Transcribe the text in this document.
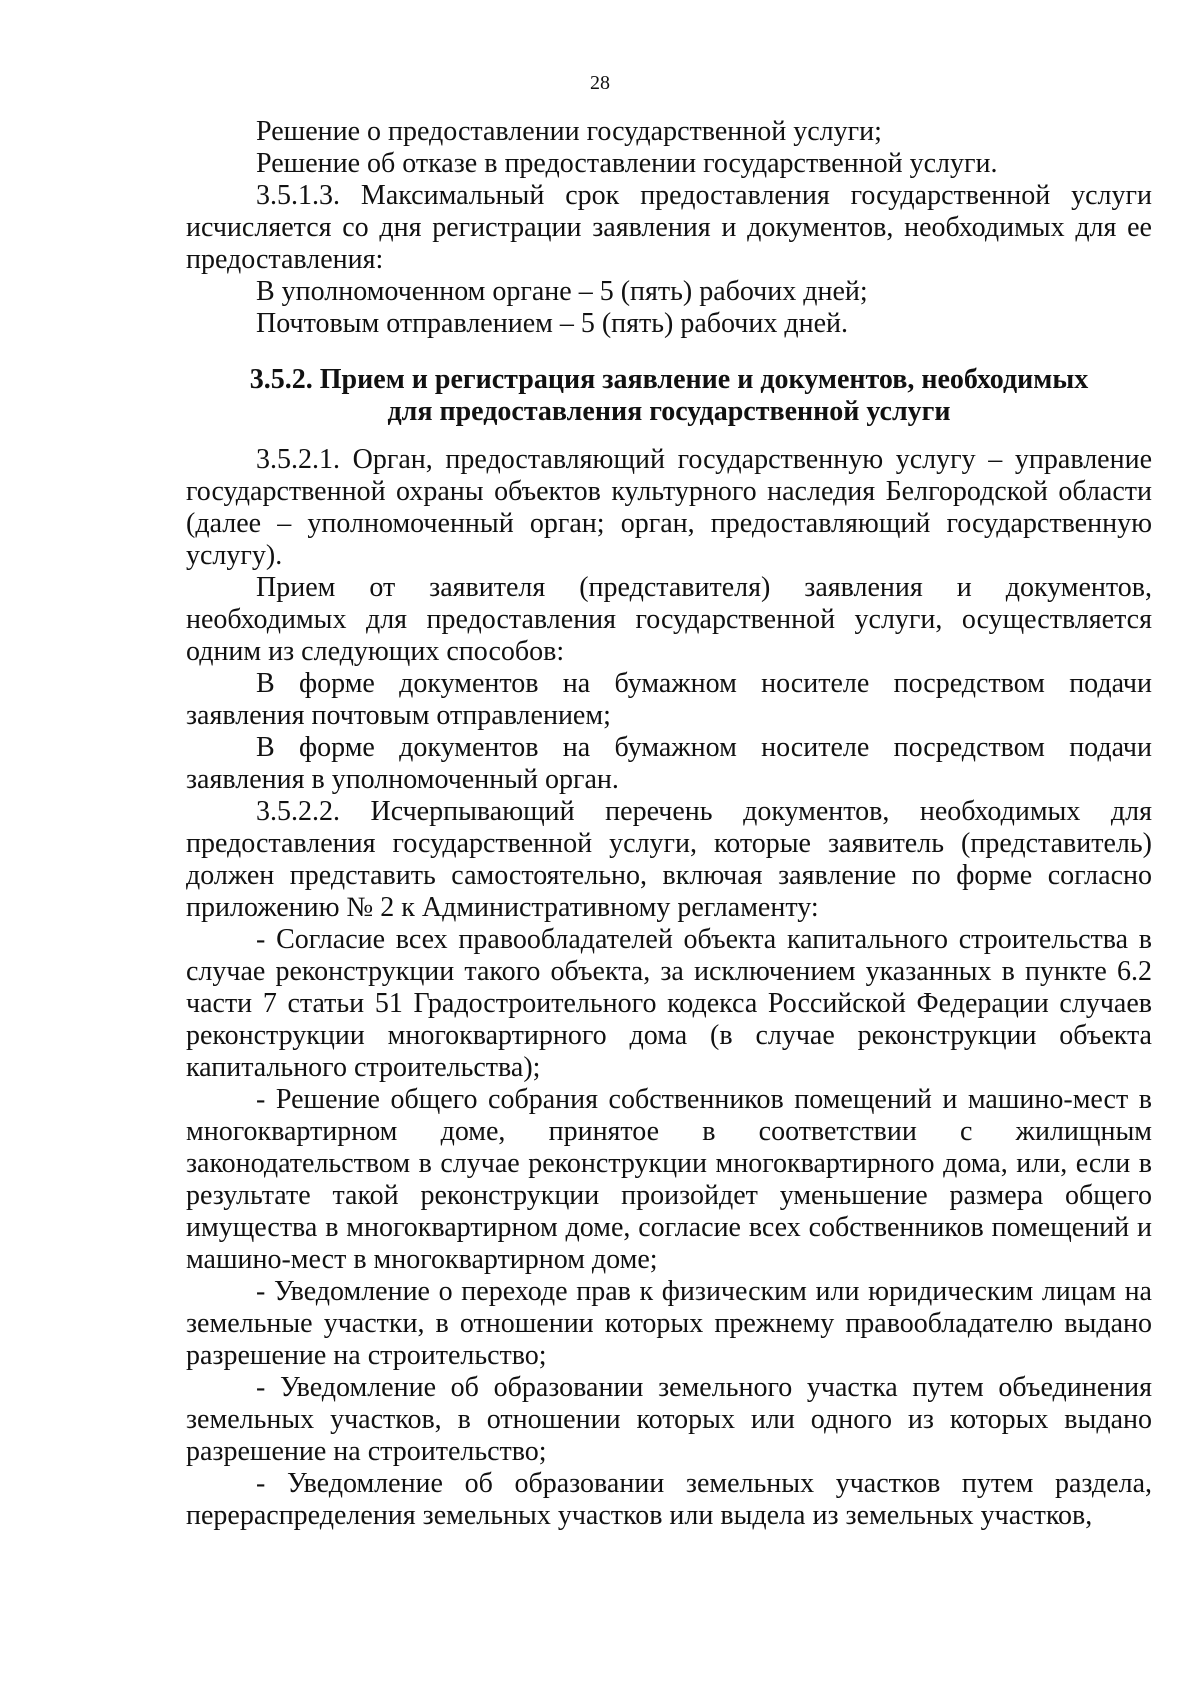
28

Решение о предоставлении государственной услуги;

Решение об отказе в предоставлении государственной услуги.

3.5.1.3. Максимальный срок предоставления государственной услуги исчисляется со дня регистрации заявления и документов, необходимых для ее предоставления:

В уполномоченном органе – 5 (пять) рабочих дней;

Почтовым отправлением – 5 (пять) рабочих дней.

3.5.2. Прием и регистрация заявление и документов, необходимых
для предоставления государственной услуги

3.5.2.1. Орган, предоставляющий государственную услугу – управление государственной охраны объектов культурного наследия Белгородской области (далее – уполномоченный орган; орган, предоставляющий государственную услугу).

Прием от заявителя (представителя) заявления и документов, необходимых для предоставления государственной услуги, осуществляется одним из следующих способов:

В форме документов на бумажном носителе посредством подачи заявления почтовым отправлением;

В форме документов на бумажном носителе посредством подачи заявления в уполномоченный орган.

3.5.2.2. Исчерпывающий перечень документов, необходимых для предоставления государственной услуги, которые заявитель (представитель) должен представить самостоятельно, включая заявление по форме согласно приложению № 2 к Административному регламенту:

- Согласие всех правообладателей объекта капитального строительства в случае реконструкции такого объекта, за исключением указанных в пункте 6.2 части 7 статьи 51 Градостроительного кодекса Российской Федерации случаев реконструкции многоквартирного дома (в случае реконструкции объекта капитального строительства);

- Решение общего собрания собственников помещений и машино-мест в многоквартирном доме, принятое в соответствии с жилищным законодательством в случае реконструкции многоквартирного дома, или, если в результате такой реконструкции произойдет уменьшение размера общего имущества в многоквартирном доме, согласие всех собственников помещений и машино-мест в многоквартирном доме;

- Уведомление о переходе прав к физическим или юридическим лицам на земельные участки, в отношении которых прежнему правообладателю выдано разрешение на строительство;

- Уведомление об образовании земельного участка путем объединения земельных участков, в отношении которых или одного из которых выдано разрешение на строительство;

- Уведомление об образовании земельных участков путем раздела, перераспределения земельных участков или выдела из земельных участков,
